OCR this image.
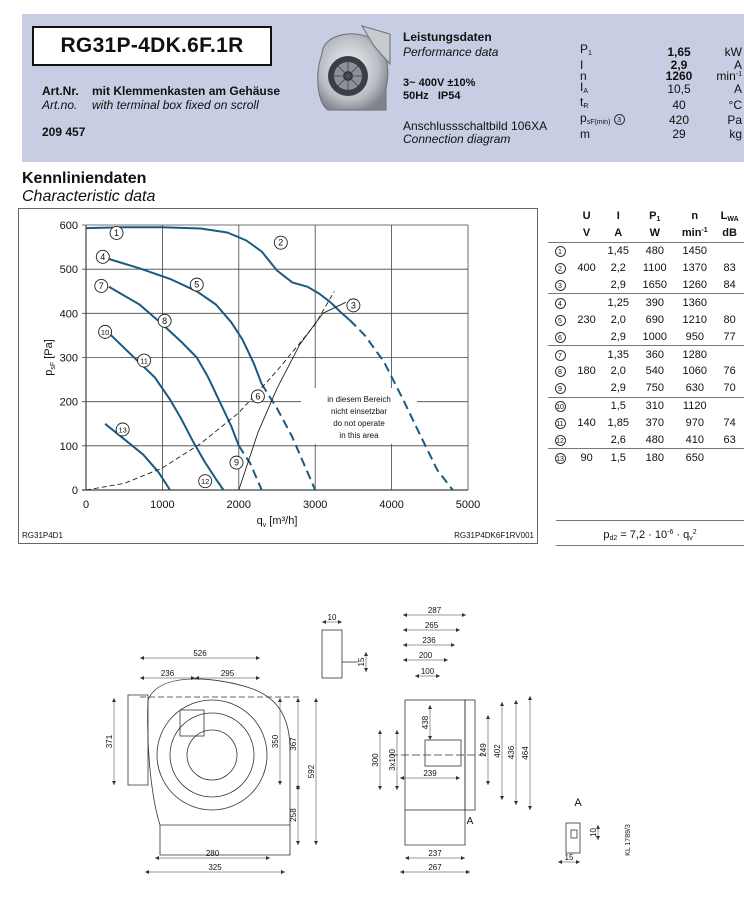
RG31P-4DK.6F.1R
Art.Nr. mit Klemmenkasten am Gehäuse
Art.no. with terminal box fixed on scroll
209 457
Leistungsdaten
Performance data
3~ 400V ±10%
50Hz   IP54
Anschlussschaltbild 106XA
Connection diagram
$P_1$	1,65	kW
I	2,9	A
n	1260	$\min^{-1}$
$I_A$	10,5	A
$t_R$	40	°C
$p_{sF(min)}$ 3	420	Pa
m	29	kg
Kennliniendaten
Characteristic data
0	1000	2000	3000	4000	5000
0
100
200
300
400
500
600
$q_v$ [m³/h]
$p_{sF}$ [Pa]
in diesem Bereich
nicht einsetzbar
do not operate
in this area
1
2
3
4
5
6
7
8
9
10
11
12
13
RG31P4D1	RG31P4DK6F1RV001
	U	I	$P_1$	n	$L_{WA}$
	V	A	W	$\min^{-1}$	dB
1		1,45	480	1450	
2	400	2,2	1100	1370	83
3		2,9	1650	1260	84
4		1,25	390	1360	
5	230	2,0	690	1210	80
6		2,9	1000	950	77
7		1,35	360	1280	
8	180	2,0	540	1060	76
9		2,9	750	630	70
10		1,5	310	1120	
11	140	1,85	370	970	74
12		2,6	480	410	63
13	90	1,5	180	650	
$p_{d2} = 7,2 \cdot 10^{-6} \cdot q_v^2$
526
236	295
371	350 367
592
258
280
325
287
265
236
200
100
438
300 3x100	249 402 436 464
239
237
267
A
10
15
A
KL 1789/3
10
15
